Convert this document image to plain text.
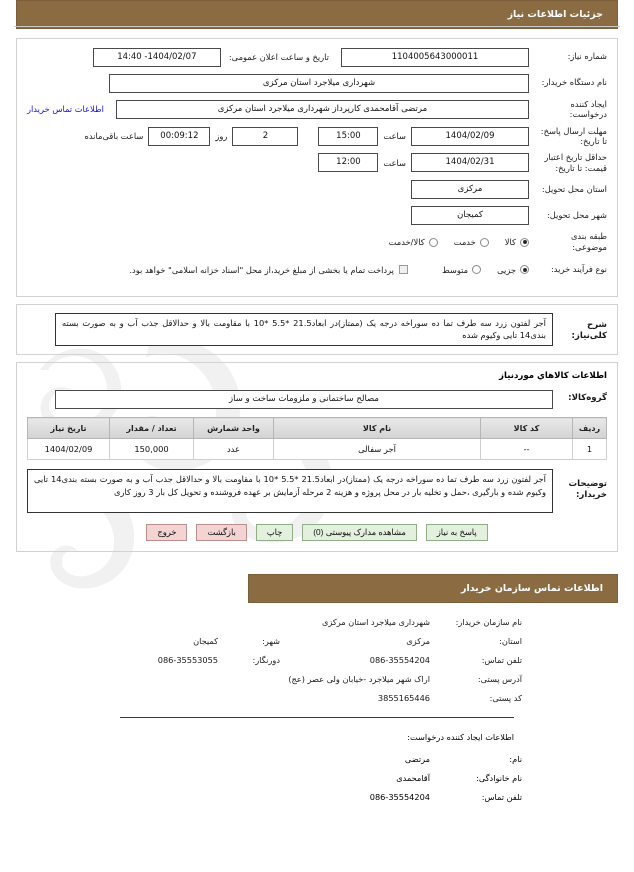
جزئیات اطلاعات نیاز
شماره نیاز:
1104005643000011
تاریخ و ساعت اعلان عمومی:
1404/02/07- 14:40
نام دستگاه خریدار:
شهرداری میلاجرد استان مرکزی
ایجاد کننده درخواست:
مرتضی آقامحمدی کارپرداز شهرداری میلاجرد استان مرکزی
اطلاعات تماس خریدار
مهلت ارسال پاسخ: تا تاریخ:
1404/02/09
ساعت
15:00
2
روز
00:09:12
ساعت باقی‌مانده
حداقل تاریخ اعتبار قیمت: تا تاریخ:
1404/02/31
ساعت
12:00
استان محل تحویل:
مرکزی
شهر محل تحویل:
کمیجان
طبقه بندی موضوعی:
کالا
خدمت
کالا/خدمت
نوع فرآیند خرید:
جزیی
متوسط
پرداخت تمام یا بخشی از مبلغ خرید،از محل "اسناد خزانه اسلامی" خواهد بود.
شرح کلی‌نیاز:
آجر لفتون زرد سه طرف تما ده سوراخه درجه یک (ممتاز)در ابعاد21.5 *5.5 *10 با مقاومت بالا و حدالاقل جذب آب و به صورت بسته بندی14 تایی وکیوم شده
اطلاعات کالاهاي موردنیاز
گروه‌کالا:
مصالح ساختمانی و ملزومات ساخت و ساز
ردیف	کد کالا	نام کالا	واحد شمارش	تعداد / مقدار	تاریخ نیاز
1	--	آجر سفالی	عدد	150,000	1404/02/09
توضیحات خریدار:
آجر لفتون زرد سه طرف تما ده سوراخه درجه یک (ممتاز)در ابعاد21.5 *5.5 *10 با مقاومت بالا و حدالاقل جذب آب و به صورت بسته بندی14 تایی وکیوم شده و بارگیری ،حمل و تخلیه بار در محل پروژه و هزینه 2 مرحله آزمایش بر عهده فروشنده و تحویل کل بار 3 روز کاری
پاسخ به نیاز
مشاهده مدارک پیوستی (0)
چاپ
بازگشت
خروج
اطلاعات تماس سازمان خریدار
نام سازمان خریدار:
شهرداری میلاجرد استان مرکزی
استان:
مرکزی
شهر:
کمیجان
تلفن تماس:
086-35554204
دورنگار:
086-35553055
آدرس پستی:
اراک شهر میلاجرد -خیابان ولی عصر (عج)
کد پستی:
3855165446
اطلاعات ایجاد کننده درخواست:
نام:
مرتضی
نام خانوادگی:
آقامحمدی
تلفن تماس:
086-35554204
